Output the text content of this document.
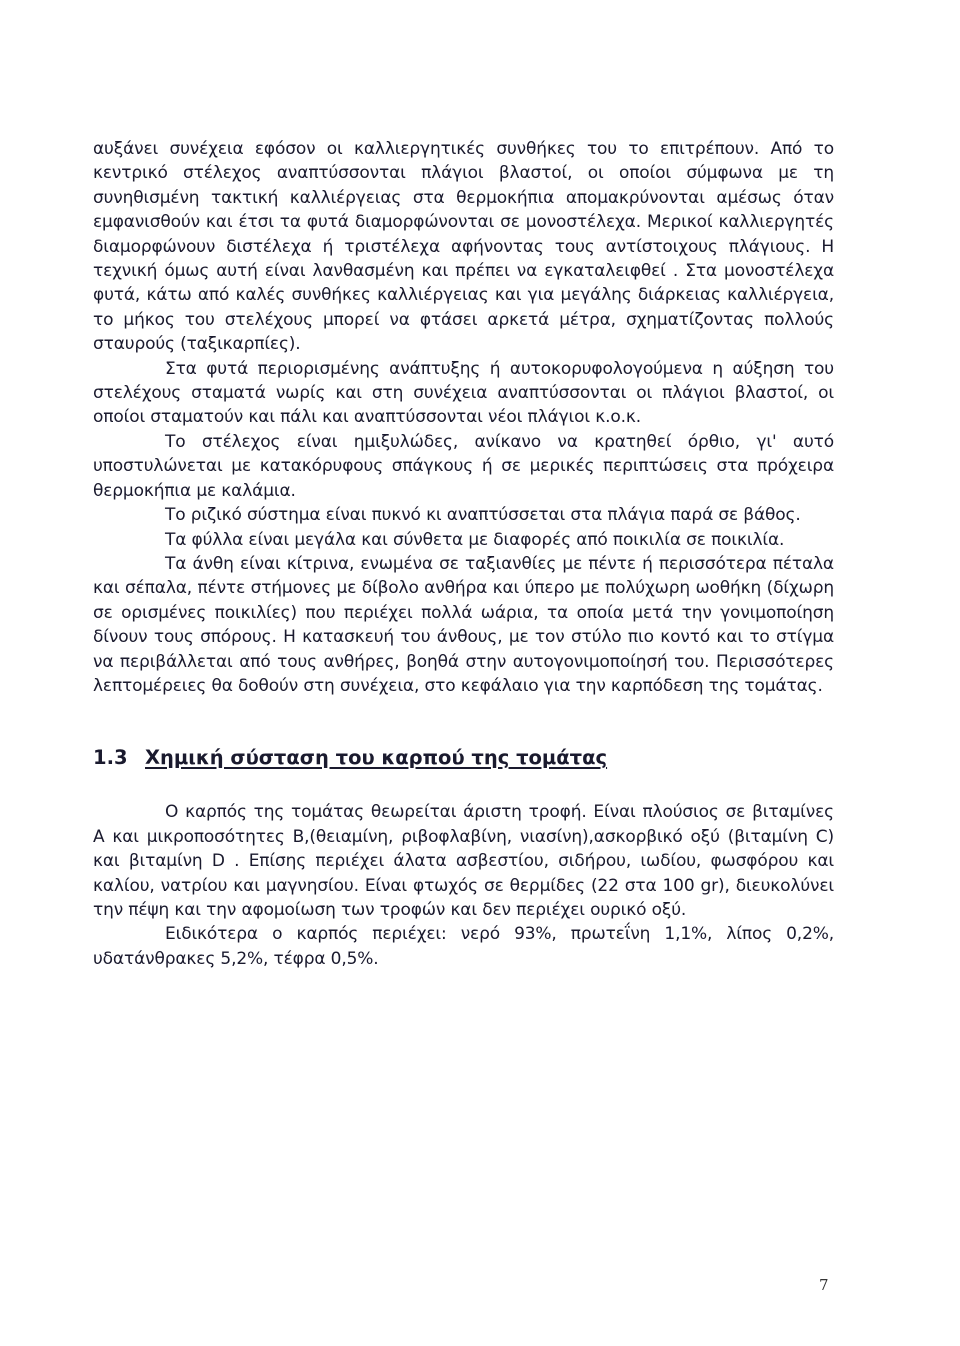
αυξάνει συνέχεια εφόσον οι καλλιεργητικές συνθήκες του το επιτρέπουν. Από το κεντρικό στέλεχος αναπτύσσονται πλάγιοι βλαστοί, οι οποίοι σύμφωνα με τη συνηθισμένη τακτική καλλιέργειας στα θερμοκήπια απομακρύνονται αμέσως όταν εμφανισθούν και έτσι τα φυτά διαμορφώνονται σε μονοστέλεχα. Μερικοί καλλιεργητές διαμορφώνουν διστέλεχα ή τριστέλεχα αφήνοντας τους αντίστοιχους πλάγιους. Η τεχνική όμως αυτή είναι λανθασμένη και πρέπει να εγκαταλειφθεί . Στα μονοστέλεχα φυτά, κάτω από καλές συνθήκες καλλιέργειας και για μεγάλης διάρκειας καλλιέργεια, το μήκος του στελέχους μπορεί να φτάσει αρκετά μέτρα, σχηματίζοντας πολλούς σταυρούς (ταξικαρπίες).

Στα φυτά περιορισμένης ανάπτυξης ή αυτοκορυφολογούμενα η αύξηση του στελέχους σταματά νωρίς και στη συνέχεια αναπτύσσονται οι πλάγιοι βλαστοί, οι οποίοι σταματούν και πάλι και αναπτύσσονται νέοι πλάγιοι κ.ο.κ.

Το στέλεχος είναι ημιξυλώδες, ανίκανο να κρατηθεί όρθιο, γι' αυτό υποστυλώνεται με κατακόρυφους σπάγκους ή σε μερικές περιπτώσεις στα πρόχειρα θερμοκήπια με καλάμια.

Το ριζικό σύστημα είναι πυκνό κι αναπτύσσεται στα πλάγια παρά σε βάθος.

Τα φύλλα είναι μεγάλα και σύνθετα με διαφορές από ποικιλία σε ποικιλία.

Τα άνθη είναι κίτρινα, ενωμένα σε ταξιανθίες με πέντε ή περισσότερα πέταλα και σέπαλα, πέντε στήμονες με δίβολο ανθήρα και ύπερο με πολύχωρη ωοθήκη (δίχωρη σε ορισμένες ποικιλίες) που περιέχει πολλά ωάρια, τα οποία μετά την γονιμοποίηση δίνουν τους σπόρους. Η κατασκευή του άνθους, με τον στύλο πιο κοντό και το στίγμα να περιβάλλεται από τους ανθήρες, βοηθά στην αυτογονιμοποίησή του. Περισσότερες λεπτομέρειες θα δοθούν στη συνέχεια, στο κεφάλαιο για την καρπόδεση της τομάτας.

1.3 Χημική σύσταση του καρπού της τομάτας

Ο καρπός της τομάτας θεωρείται άριστη τροφή. Είναι πλούσιος σε βιταμίνες Α και μικροποσότητες Β,(θειαμίνη, ριβοφλαβίνη, νιασίνη),ασκορβικό οξύ (βιταμίνη C) και βιταμίνη D . Επίσης περιέχει άλατα ασβεστίου, σιδήρου, ιωδίου, φωσφόρου και καλίου, νατρίου και μαγνησίου. Είναι φτωχός σε θερμίδες (22 στα 100 gr), διευκολύνει την πέψη και την αφομοίωση των τροφών και δεν περιέχει ουρικό οξύ.

Ειδικότερα ο καρπός περιέχει: νερό 93%, πρωτεΐνη 1,1%, λίπος 0,2%, υδατάνθρακες 5,2%, τέφρα 0,5%.

7
